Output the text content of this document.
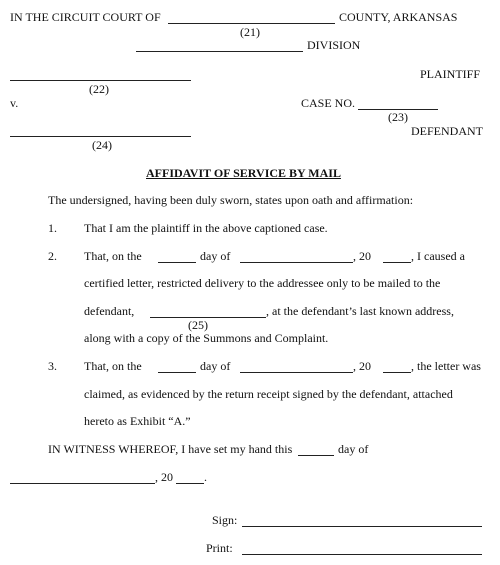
IN THE CIRCUIT COURT OF	COUNTY, ARKANSAS
(21)
DIVISION
PLAINTIFF
(22)
v.	CASE NO.
(23)
DEFENDANT
(24)
AFFIDAVIT OF SERVICE BY MAIL
The undersigned, having been duly sworn, states upon oath and affirmation:
1. That I am the plaintiff in the above captioned case.
2. That, on the	day of	, 20	, I caused a
certified letter, restricted delivery to the addressee only to be mailed to the
defendant,	, at the defendant’s last known address,
(25)
along with a copy of the Summons and Complaint.
3. That, on the	day of	, 20	, the letter was
claimed, as evidenced by the return receipt signed by the defendant, attached
hereto as Exhibit “A.”
IN WITNESS WHEREOF, I have set my hand this	day of
, 20	.
Sign:
Print:
